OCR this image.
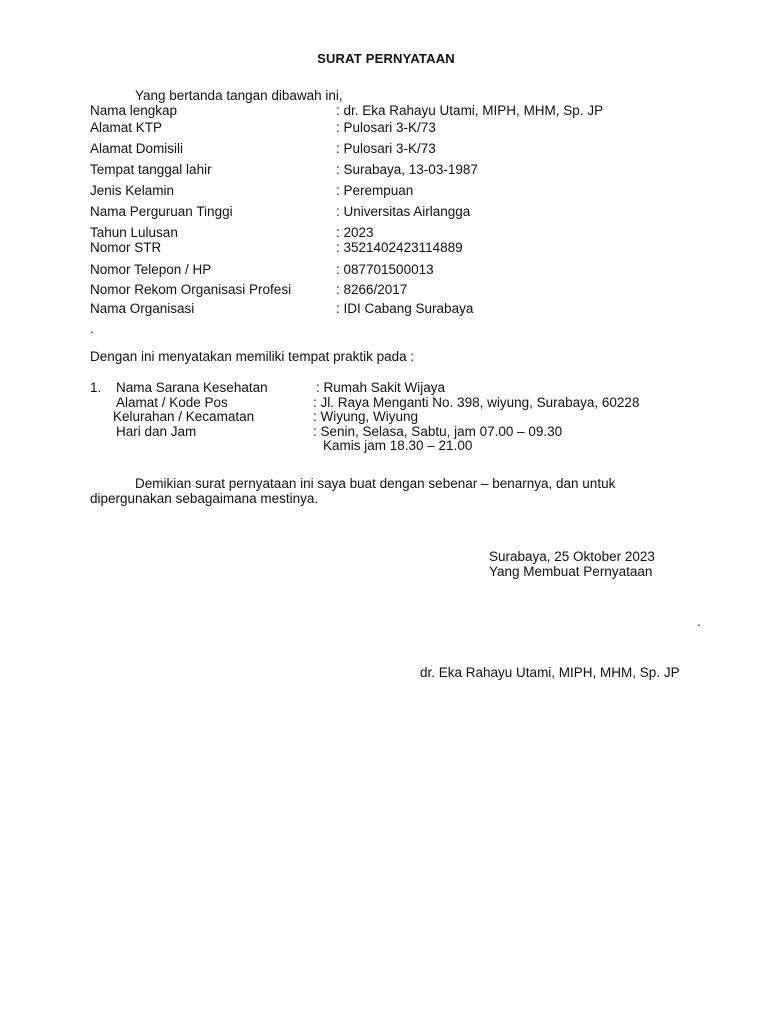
SURAT PERNYATAAN
Yang bertanda tangan dibawah ini,
Nama lengkap	: dr. Eka Rahayu Utami, MIPH, MHM, Sp. JP
Alamat KTP	: Pulosari 3-K/73
Alamat Domisili	: Pulosari 3-K/73
Tempat tanggal lahir	: Surabaya, 13-03-1987
Jenis Kelamin	: Perempuan
Nama Perguruan Tinggi	: Universitas Airlangga
Tahun Lulusan	: 2023
Nomor STR	: 3521402423114889
Nomor Telepon / HP	: 087701500013
Nomor Rekom Organisasi Profesi	: 8266/2017
Nama Organisasi	: IDI Cabang Surabaya
.
Dengan ini menyatakan memiliki tempat praktik pada :
1. Nama Sarana Kesehatan	: Rumah Sakit Wijaya
Alamat / Kode Pos	: Jl. Raya Menganti No. 398, wiyung, Surabaya, 60228
Kelurahan / Kecamatan	: Wiyung, Wiyung
Hari dan Jam	: Senin, Selasa, Sabtu, jam 07.00 – 09.30
Kamis jam 18.30 – 21.00
Demikian surat pernyataan ini saya buat dengan sebenar – benarnya, dan untuk
dipergunakan sebagaimana mestinya.
Surabaya, 25 Oktober 2023
Yang Membuat Pernyataan
.
dr. Eka Rahayu Utami, MIPH, MHM, Sp. JP
